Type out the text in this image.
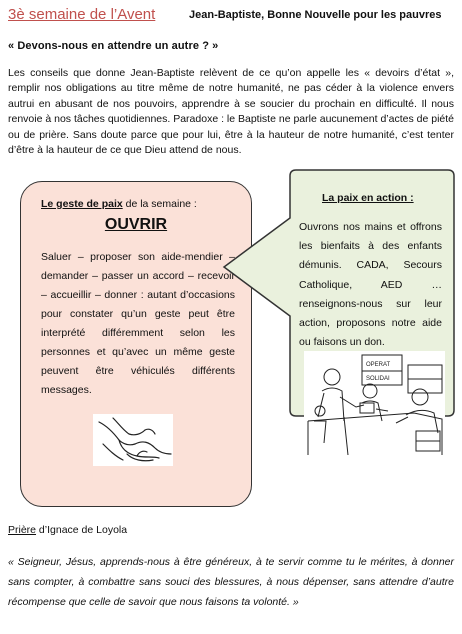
3è semaine de l’Avent	Jean-Baptiste, Bonne Nouvelle pour les pauvres
« Devons-nous en attendre un autre ? »
Les conseils que donne Jean-Baptiste relèvent de ce qu’on appelle les « devoirs d’état », remplir nos obligations au titre même de notre humanité, ne pas céder à la violence envers autrui en abusant de nos pouvoirs, apprendre à se soucier du prochain en difficulté. Il nous renvoie à nos tâches quotidiennes. Paradoxe : le Baptiste ne parle aucunement d’actes de piété ou de prière. Sans doute parce que pour lui, être à la hauteur de notre humanité, c’est tenter d’être à la hauteur de ce que Dieu attend de nous.
Le geste de paix de la semaine :
OUVRIR
Saluer – proposer son aide-mendier – demander – passer un accord – recevoir – accueillir – donner : autant d’occasions pour constater qu’un geste peut être interprété différemment selon les personnes et qu’avec un même geste peuvent être véhiculés différents messages.
La paix en action :
Ouvrons nos mains et offrons les bienfaits à des enfants démunis. CADA, Secours Catholique, AED … renseignons-nous sur leur action, proposons notre aide ou faisons un don.
OPERAT
SOLIDAI
Prière d’Ignace de Loyola
« Seigneur, Jésus, apprends-nous à être généreux, à te servir comme tu le mérites, à donner sans compter, à combattre sans souci des blessures, à nous dépenser, sans attendre d’autre récompense que celle de savoir que nous faisons ta volonté. »
